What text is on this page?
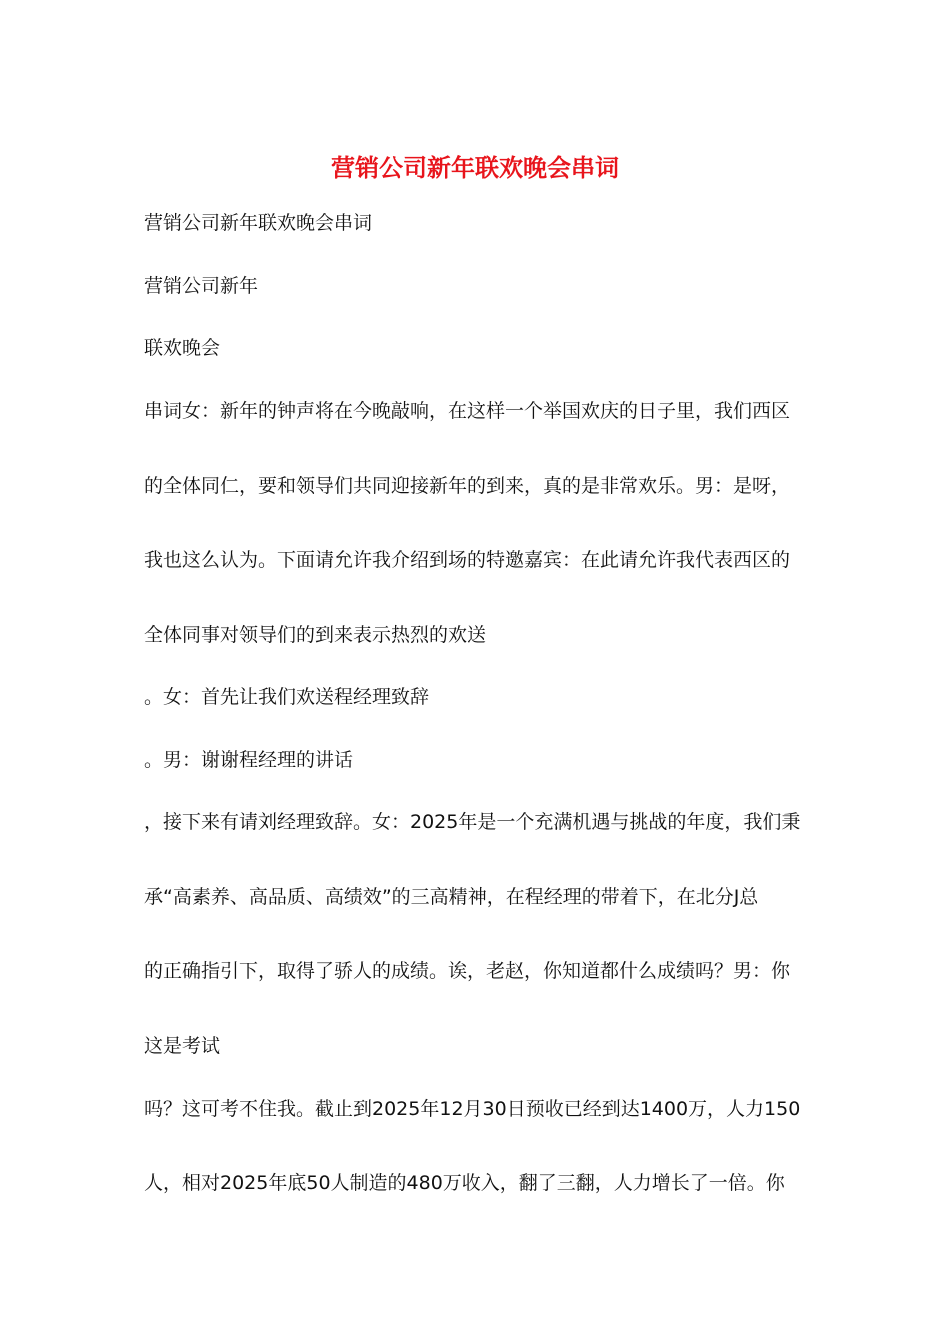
营销公司新年联欢晚会串词

营销公司新年联欢晚会串词

营销公司新年

联欢晚会

串词女：新年的钟声将在今晚敲响，在这样一个举国欢庆的日子里，我们西区

的全体同仁，要和领导们共同迎接新年的到来，真的是非常欢乐。男：是呀，

我也这么认为。下面请允许我介绍到场的特邀嘉宾：在此请允许我代表西区的

全体同事对领导们的到来表示热烈的欢送

。女：首先让我们欢送程经理致辞

。男：谢谢程经理的讲话

，接下来有请刘经理致辞。女：2025年是一个充满机遇与挑战的年度，我们秉

承“高素养、高品质、高绩效”的三高精神，在程经理的带着下，在北分J总

的正确指引下，取得了骄人的成绩。诶，老赵，你知道都什么成绩吗？男：你

这是考试

吗？这可考不住我。截止到2025年12月30日预收已经到达1400万，人力150

人，相对2025年底50人制造的480万收入，翻了三翻，人力增长了一倍。你
